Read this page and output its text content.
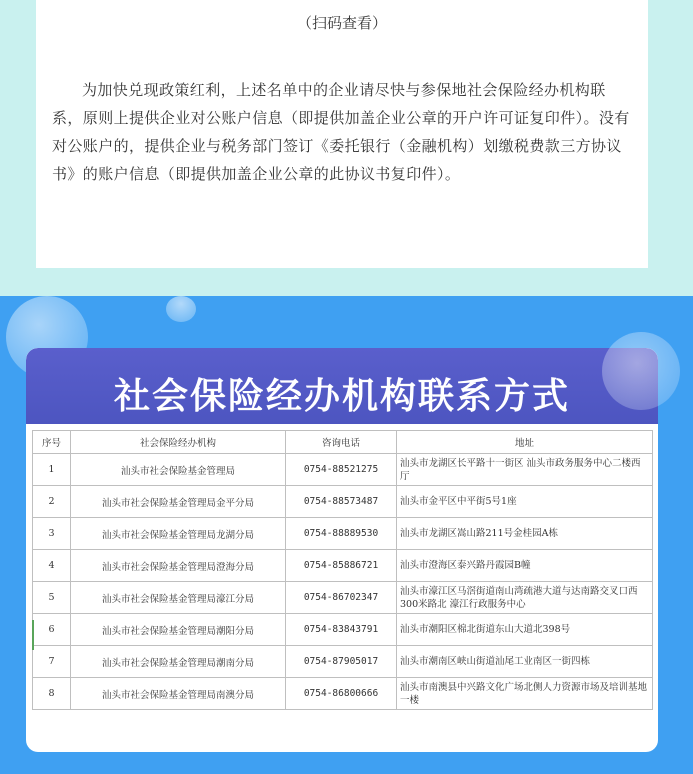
（扫码查看）

为加快兑现政策红利，上述名单中的企业请尽快与参保地社会保险经办机构联系，原则上提供企业对公账户信息（即提供加盖企业公章的开户许可证复印件）。没有对公账户的，提供企业与税务部门签订《委托银行（金融机构）划缴税费款三方协议书》的账户信息（即提供加盖企业公章的此协议书复印件）。

社会保险经办机构联系方式
序号	社会保险经办机构	咨询电话	地址
1	汕头市社会保险基金管理局	0754-88521275	汕头市龙湖区长平路十一街区 汕头市政务服务中心二楼西厅
2	汕头市社会保险基金管理局金平分局	0754-88573487	汕头市金平区中平街5号1座
3	汕头市社会保险基金管理局龙湖分局	0754-88889530	汕头市龙湖区嵩山路211号金桂园A栋
4	汕头市社会保险基金管理局澄海分局	0754-85886721	汕头市澄海区泰兴路丹霞园B幢
5	汕头市社会保险基金管理局濠江分局	0754-86702347	汕头市濠江区马滘街道南山湾疏港大道与达南路交叉口西300米路北 濠江行政服务中心
6	汕头市社会保险基金管理局潮阳分局	0754-83843791	汕头市潮阳区棉北街道东山大道北398号
7	汕头市社会保险基金管理局潮南分局	0754-87905017	汕头市潮南区峡山街道汕尾工业南区一街四栋
8	汕头市社会保险基金管理局南澳分局	0754-86800666	汕头市南澳县中兴路文化广场北侧人力资源市场及培训基地一楼
